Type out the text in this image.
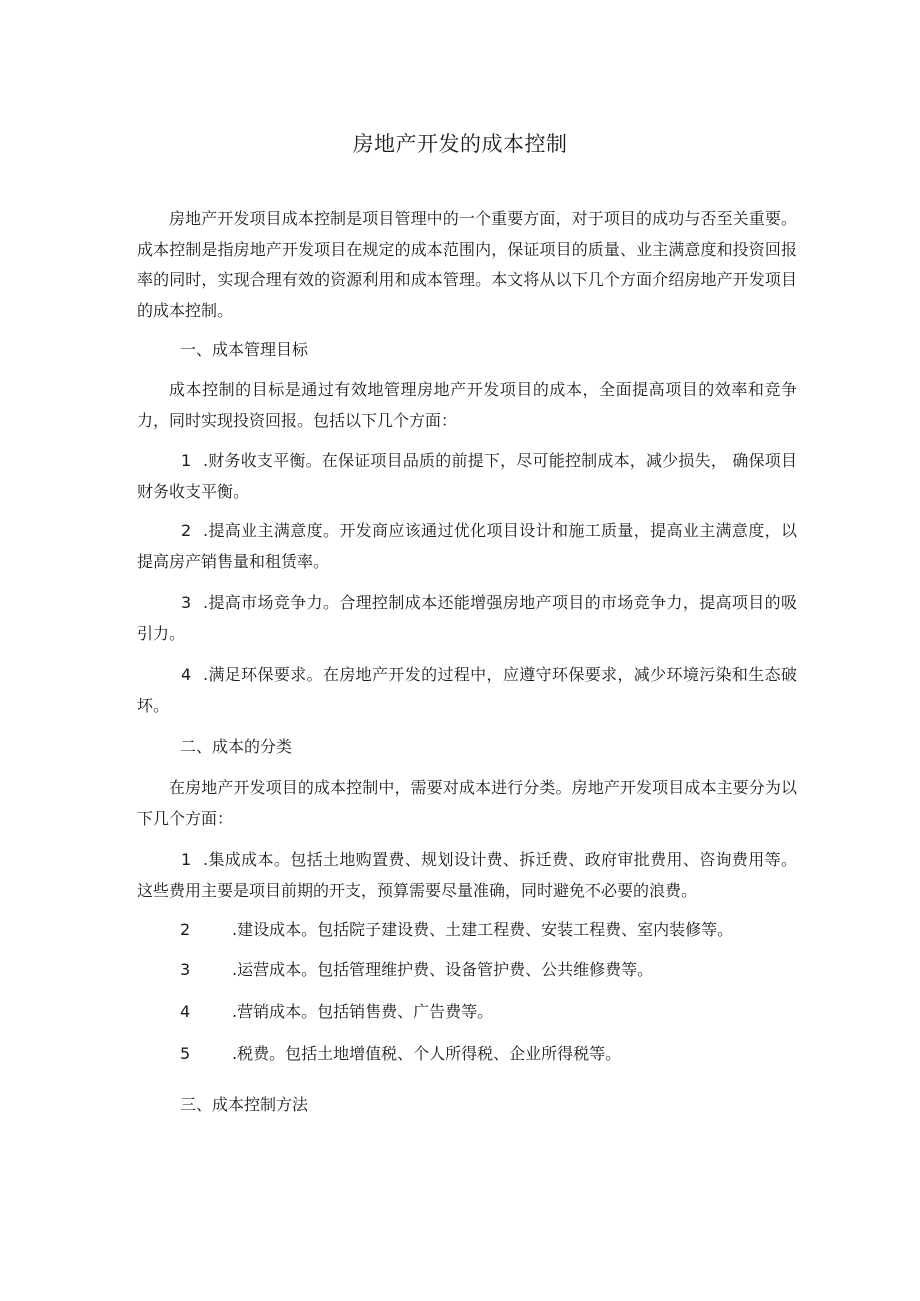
房地产开发的成本控制

房地产开发项目成本控制是项目管理中的一个重要方面，对于项目的成功与否至关重要。成本控制是指房地产开发项目在规定的成本范围内，保证项目的质量、业主满意度和投资回报率的同时，实现合理有效的资源利用和成本管理。本文将从以下几个方面介绍房地产开发项目的成本控制。

一、成本管理目标

成本控制的目标是通过有效地管理房地产开发项目的成本，全面提高项目的效率和竞争力，同时实现投资回报。包括以下几个方面：

1 .财务收支平衡。在保证项目品质的前提下，尽可能控制成本，减少损失， 确保项目财务收支平衡。

2 .提高业主满意度。开发商应该通过优化项目设计和施工质量，提高业主满意度，以提高房产销售量和租赁率。

3 .提高市场竞争力。合理控制成本还能增强房地产项目的市场竞争力，提高项目的吸引力。

4 .满足环保要求。在房地产开发的过程中，应遵守环保要求，减少环境污染和生态破坏。

二、成本的分类

在房地产开发项目的成本控制中，需要对成本进行分类。房地产开发项目成本主要分为以下几个方面：

1 .集成成本。包括土地购置费、规划设计费、拆迁费、政府审批费用、咨询费用等。这些费用主要是项目前期的开支，预算需要尽量准确，同时避免不必要的浪费。

2	.建设成本。包括院子建设费、土建工程费、安装工程费、室内装修等。

3	.运营成本。包括管理维护费、设备管护费、公共维修费等。

4	.营销成本。包括销售费、广告费等。

5	.税费。包括土地增值税、个人所得税、企业所得税等。

三、成本控制方法
